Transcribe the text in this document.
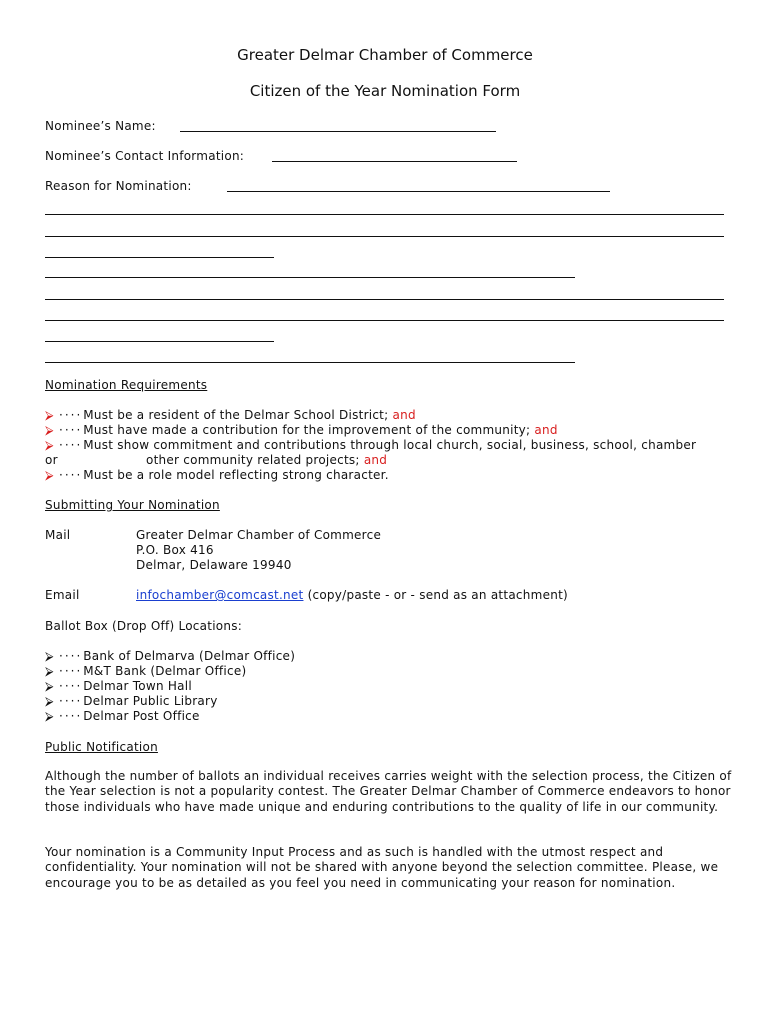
Greater Delmar Chamber of Commerce
Citizen of the Year Nomination Form
Nominee’s Name:
Nominee’s Contact Information:
Reason for Nomination:
Nomination Requirements
⮚ ····Must be a resident of the Delmar School District; and
⮚ ····Must have made a contribution for the improvement of the community; and
⮚ ····Must show commitment and contributions through local church, social, business, school, chamber
or	other community related projects; and
⮚ ····Must be a role model reflecting strong character.
Submitting Your Nomination
Mail	Greater Delmar Chamber of Commerce
P.O. Box 416
Delmar, Delaware 19940
Email	infochamber@comcast.net (copy/paste - or - send as an attachment)
Ballot Box (Drop Off) Locations:
⮚ ····Bank of Delmarva (Delmar Office)
⮚ ····M&T Bank (Delmar Office)
⮚ ····Delmar Town Hall
⮚ ····Delmar Public Library
⮚ ····Delmar Post Office
Public Notification
Although the number of ballots an individual receives carries weight with the selection process, the Citizen of the Year selection is not a popularity contest. The Greater Delmar Chamber of Commerce endeavors to honor those individuals who have made unique and enduring contributions to the quality of life in our community.
Your nomination is a Community Input Process and as such is handled with the utmost respect and confidentiality. Your nomination will not be shared with anyone beyond the selection committee. Please, we encourage you to be as detailed as you feel you need in communicating your reason for nomination.
